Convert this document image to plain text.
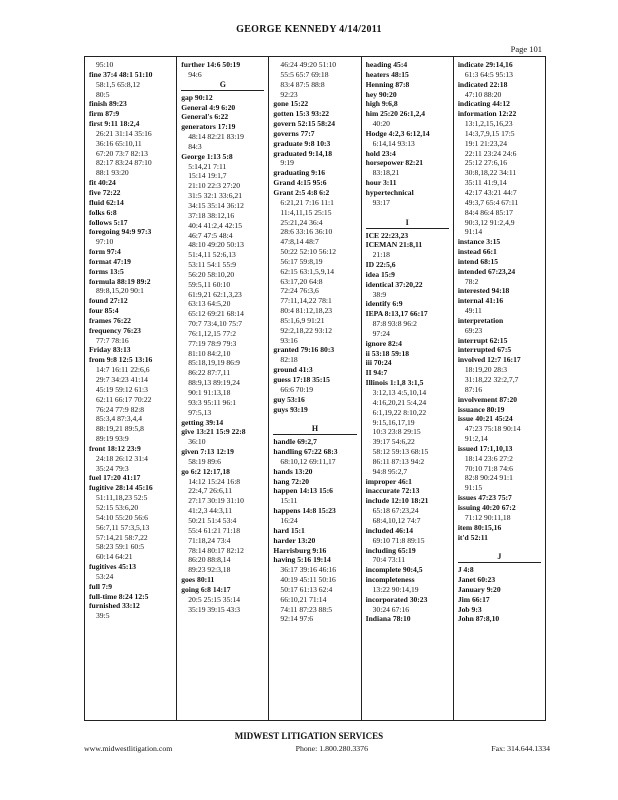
GEORGE KENNEDY 4/14/2011
Page 101
95:10
fine 37:4 48:1 51:10
58:1,5 65:8,12
80:5
finish 89:23
firm 87:9
first 9:11 18:2,4
26:21 31:14 35:16
36:16 65:10,11
67:20 73:7 82:13
82:17 83:24 87:10
88:1 93:20
fit 40:24
five 72:22
fluid 62:14
folks 6:8
follows 5:17
foregoing 94:9 97:3
97:10
form 97:4
format 47:19
forms 13:5
formula 88:19 89:2
89:8,15,20 90:1
found 27:12
four 85:4
frames 76:22
frequency 76:23
77:7 78:16
Friday 83:13
from 9:8 12:5 13:16
14:7 16:11 22:6,6
29:7 34:23 41:14
45:19 59:12 61:3
62:11 66:17 70:22
76:24 77:9 82:8
85:3,4 87:3,4,4
88:19,21 89:5,8
89:19 93:9
front 18:12 23:9
24:18 26:12 31:4
35:24 79:3
fuel 17:20 41:17
fugitive 28:14 45:16
51:11,18,23 52:5
52:15 53:6,20
54:10 55:20 56:6
56:7,11 57:3,5,13
57:14,21 58:7,22
58:23 59:1 60:5
60:14 64:21
fugitives 45:13
53:24
full 7:9
full-time 8:24 12:5
furnished 33:12
39:5
further 14:6 50:19
94:6
G
gap 90:12
General 4:9 6:20
General's 6:22
generators 17:19
48:14 82:21 83:19
84:3
George 1:13 5:8
5:14,21 7:11
15:14 19:1,7
21:10 22:3 27:20
31:5 32:1 33:6,21
34:15 35:14 36:12
37:18 38:12,16
40:4 41:2,4 42:15
46:7 47:5 48:4
48:10 49:20 50:13
51:4,11 52:6,13
53:11 54:1 55:9
56:20 58:10,20
59:5,11 60:10
61:9,21 62:1,3,23
63:13 64:5,20
65:12 69:21 68:14
70:7 73:4,10 75:7
76:1,12,15 77:2
77:19 78:9 79:3
81:10 84:2,10
85:18,19,19 86:9
86:22 87:7,11
88:9,13 89:19,24
90:1 91:13,18
93:3 95:11 96:1
97:5,13
getting 39:14
give 13:21 15:9 22:8
36:10
given 7:13 12:19
58:19 89:6
go 6:2 12:17,18
14:12 15:24 16:8
22:4,7 26:6,11
27:17 30:19 31:10
41:2,3 44:3,11
50:21 51:4 53:4
55:4 61:21 71:18
71:18,24 73:4
78:14 80:17 82:12
86:20 88:8,14
89:23 92:3,18
goes 80:11
going 6:8 14:17
20:5 25:15 35:14
35:19 39:15 43:3
46:24 49:20 51:10
55:5 65:7 69:18
83:4 87:5 88:8
92:23
gone 15:22
gotten 15:3 93:22
govern 52:15 58:24
governs 77:7
graduate 9:8 10:3
graduated 9:14,18
9:19
graduating 9:16
Grand 4:15 95:6
Grant 2:5 4:8 6:2
6:21,21 7:16 11:1
11:4,11,15 25:15
25:21,24 36:4
28:6 33:16 36:10
47:8,14 48:7
50:22 52:10 56:12
56:17 59:8,19
62:15 63:1,5,9,14
63:17,20 64:8
72:24 76:3,6
77:11,14,22 78:1
80:4 81:12,18,23
85:1,6,9 91:21
92:2,18,22 93:12
93:16
granted 79:16 80:3
82:18
ground 41:3
guess 17:18 35:15
66:6 70:19
guy 53:16
guys 93:19
H
handle 69:2,7
handling 67:22 68:3
68:10,12 69:11,17
hands 13:20
hang 72:20
happen 14:13 15:6
15:11
happens 14:8 15:23
16:24
hard 15:1
harder 13:20
Harrisburg 9:16
having 5:16 19:14
36:17 39:16 46:16
40:19 45:11 50:16
50:17 61:13 62:4
66:10,21 71:14
74:11 87:23 88:5
92:14 97:6
heading 45:4
heaters 48:15
Henning 87:8
hey 90:20
high 9:6,8
him 25:20 26:1,2,4
40:20
Hodge 4:2,3 6:12,14
6:14,14 93:13
hold 23:4
horsepower 82:21
83:18,21
hour 3:11
hypertechnical
93:17
I
ICE 22:23,23
ICEMAN 21:8,11
21:18
ID 22:5,6
idea 15:9
identical 37:20,22
38:9
identify 6:9
IEPA 8:13,17 66:17
87:8 93:8 96:2
97:24
ignore 82:4
ii 53:18 59:18
iii 70:24
II 94:7
Illinois 1:1,8 3:1,5
3:12,13 4:5,10,14
4:16,20,21 5:4,24
6:1,19,22 8:10,22
9:15,16,17,19
10:3 23:8 29:15
39:17 54:6,22
58:12 59:13 68:15
86:11 87:13 94:2
94:8 95:2,7
improper 46:1
inaccurate 72:13
include 12:10 18:21
65:18 67:23,24
68:4,10,12 74:7
included 46:14
69:10 71:8 89:15
including 65:19
70:4 73:11
incomplete 90:4,5
incompleteness
13:22 90:14,19
incorporated 30:23
30:24 67:16
Indiana 78:10
indicate 29:14,16
61:3 64:5 95:13
indicated 22:18
47:10 88:20
indicating 44:12
information 12:22
13:1,2,15,16,23
14:3,7,9,15 17:5
19:1 21:23,24
22:11 23:24 24:6
25:12 27:6,16
30:8,18,22 34:11
35:11 41:9,14
42:17 43:21 44:7
49:3,7 65:4 67:11
84:4 86:4 85:17
90:3,12 91:2,4,9
91:14
instance 3:15
instead 66:1
intend 68:15
intended 67:23,24
78:2
interested 94:18
internal 41:16
49:11
interpretation
69:23
interrupt 62:15
interrupted 67:5
involved 12:7 16:17
18:19,20 28:3
31:18,22 32:2,7,7
87:16
involvement 87:20
issuance 80:19
issue 40:21 45:24
47:23 75:18 90:14
91:2,14
issued 17:1,10,13
18:14 23:6 27:2
70:10 71:8 74:6
82:8 90:24 91:1
91:15
issues 47:23 75:7
issuing 40:20 67:2
71:12 90:11,18
item 80:15,16
it'd 52:11
J
J 4:8
Janet 60:23
January 9:20
Jim 66:17
Job 9:3
John 87:8,10
MIDWEST LITIGATION SERVICES
www.midwestlitigation.com	Phone: 1.800.280.3376	Fax: 314.644.1334
